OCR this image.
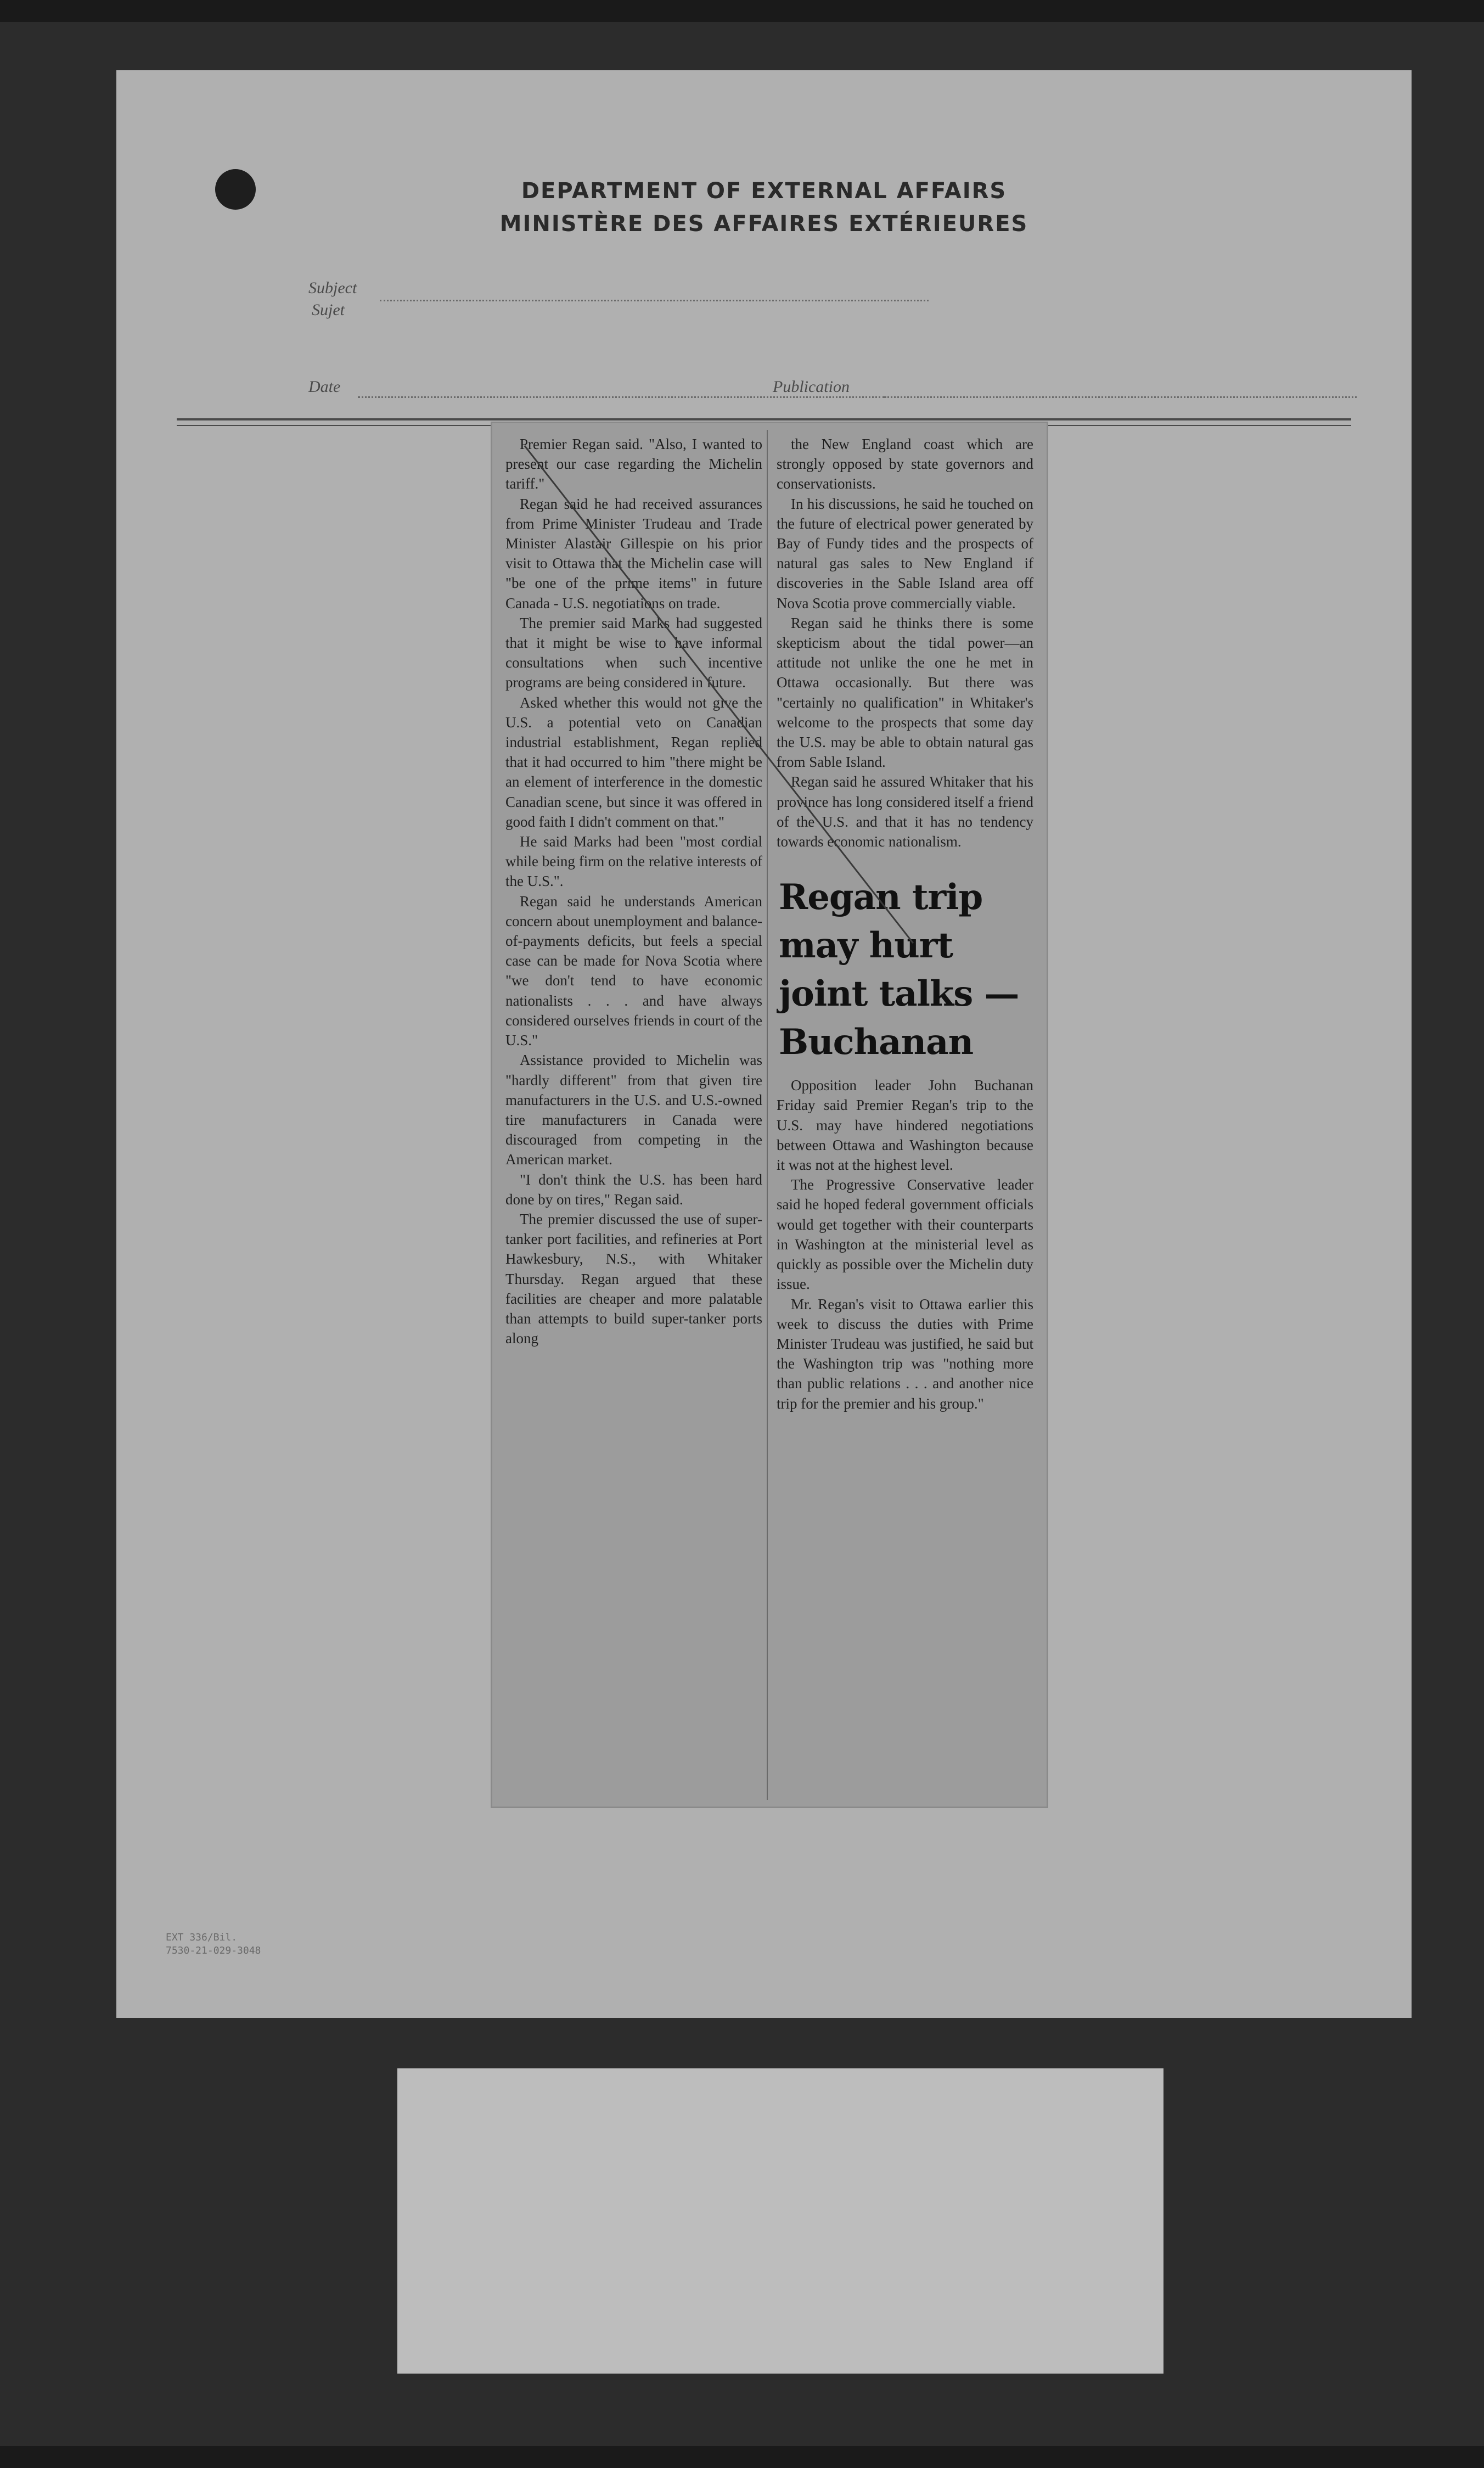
DEPARTMENT OF EXTERNAL AFFAIRS
MINISTÈRE DES AFFAIRES EXTÉRIEURES
Subject
Sujet
Date	Publication

Premier Regan said. "Also, I wanted to present our case regarding the Michelin tariff."

Regan said he had received assurances from Prime Minister Trudeau and Trade Minister Alastair Gillespie on his prior visit to Ottawa that the Michelin case will "be one of the prime items" in future Canada - U.S. negotiations on trade.

The premier said Marks had suggested that it might be wise to have informal consultations when such incentive programs are being considered in future.

Asked whether this would not give the U.S. a potential veto on Canadian industrial establishment, Regan replied that it had occurred to him "there might be an element of interference in the domestic Canadian scene, but since it was offered in good faith I didn't comment on that."

He said Marks had been "most cordial while being firm on the relative interests of the U.S.".

Regan said he understands American concern about unemployment and balance-of-payments deficits, but feels a special case can be made for Nova Scotia where "we don't tend to have economic nationalists . . . and have always considered ourselves friends in court of the U.S."

Assistance provided to Michelin was "hardly different" from that given tire manufacturers in the U.S. and U.S.-owned tire manufacturers in Canada were discouraged from competing in the American market.

"I don't think the U.S. has been hard done by on tires," Regan said.

The premier discussed the use of super-tanker port facilities, and refineries at Port Hawkesbury, N.S., with Whitaker Thursday. Regan argued that these facilities are cheaper and more palatable than attempts to build super-tanker ports along

the New England coast which are strongly opposed by state governors and conservationists.

In his discussions, he said he touched on the future of electrical power generated by Bay of Fundy tides and the prospects of natural gas sales to New England if discoveries in the Sable Island area off Nova Scotia prove commercially viable.

Regan said he thinks there is some skepticism about the tidal power—an attitude not unlike the one he met in Ottawa occasionally. But there was "certainly no qualification" in Whitaker's welcome to the prospects that some day the U.S. may be able to obtain natural gas from Sable Island.

Regan said he assured Whitaker that his province has long considered itself a friend of the U.S. and that it has no tendency towards economic nationalism.

Regan trip may hurt joint talks —Buchanan

Opposition leader John Buchanan Friday said Premier Regan's trip to the U.S. may have hindered negotiations between Ottawa and Washington because it was not at the highest level.

The Progressive Conservative leader said he hoped federal government officials would get together with their counterparts in Washington at the ministerial level as quickly as possible over the Michelin duty issue.

Mr. Regan's visit to Ottawa earlier this week to discuss the duties with Prime Minister Trudeau was justified, he said but the Washington trip was "nothing more than public relations . . . and another nice trip for the premier and his group."

EXT 336/Bil.
7530-21-029-3048
